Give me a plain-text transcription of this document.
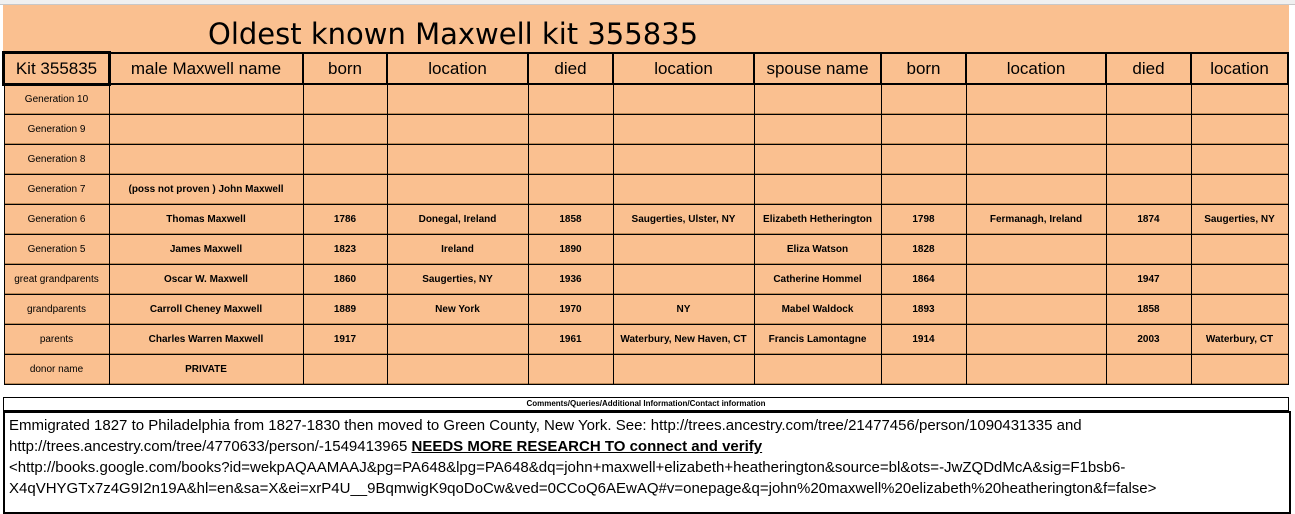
Oldest known Maxwell kit 355835
Kit 355835	male Maxwell name	born	location	died	location	spouse name	born	location	died	location

Generation 10										

Generation 9										

Generation 8										

Generation 7	(poss not proven ) John Maxwell									

Generation 6	Thomas Maxwell	1786	Donegal, Ireland	1858	Saugerties, Ulster, NY	Elizabeth Hetherington	1798	Fermanagh, Ireland	1874	Saugerties, NY

Generation 5	James Maxwell	1823	Ireland	1890		Eliza Watson	1828			

great grandparents	Oscar W. Maxwell	1860	Saugerties, NY	1936		Catherine Hommel	1864		1947	

grandparents	Carroll Cheney Maxwell	1889	New York	1970	NY	Mabel Waldock	1893		1858	

parents	Charles Warren Maxwell	1917		1961	Waterbury, New Haven, CT	Francis Lamontagne	1914		2003	Waterbury, CT

donor name	PRIVATE									

Comments/Queries/Additional Information/Contact information
Emmigrated 1827 to Philadelphia from 1827-1830 then moved to Green County, New York. See: http://trees.ancestry.com/tree/21477456/person/1090431335 and
http://trees.ancestry.com/tree/4770633/person/-1549413965 NEEDS MORE RESEARCH TO connect and verify
<http://books.google.com/books?id=wekpAQAAMAAJ&pg=PA648&lpg=PA648&dq=john+maxwell+elizabeth+heatherington&source=bl&ots=-JwZQDdMcA&sig=F1bsb6-
X4qVHYGTx7z4G9I2n19A&hl=en&sa=X&ei=xrP4U__9BqmwigK9qoDoCw&ved=0CCoQ6AEwAQ#v=onepage&q=john%20maxwell%20elizabeth%20heatherington&f=false>
